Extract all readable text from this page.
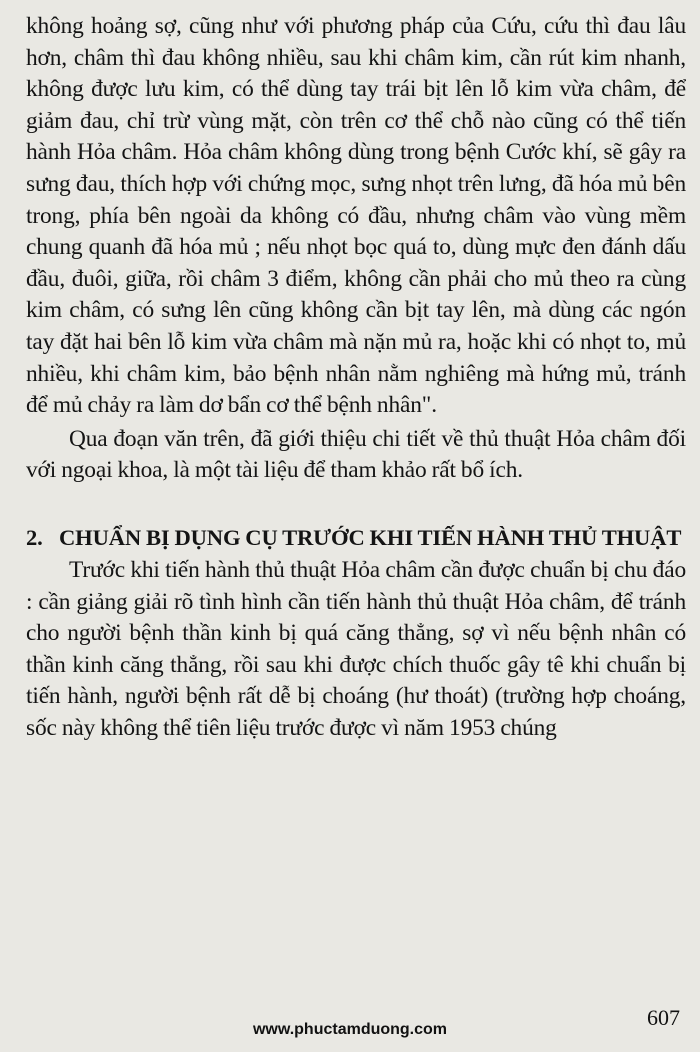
không hoảng sợ, cũng như với phương pháp của Cứu, cứu thì đau lâu hơn, châm thì đau không nhiều, sau khi châm kim, cần rút kim nhanh, không được lưu kim, có thể dùng tay trái bịt lên lỗ kim vừa châm, để giảm đau, chỉ trừ vùng mặt, còn trên cơ thể chỗ nào cũng có thể tiến hành Hỏa châm. Hỏa châm không dùng trong bệnh Cước khí, sẽ gây ra sưng đau, thích hợp với chứng mọc, sưng nhọt trên lưng, đã hóa mủ bên trong, phía bên ngoài da không có đầu, nhưng châm vào vùng mềm chung quanh đã hóa mủ ; nếu nhọt bọc quá to, dùng mực đen đánh dấu đầu, đuôi, giữa, rồi châm 3 điểm, không cần phải cho mủ theo ra cùng kim châm, có sưng lên cũng không cần bịt tay lên, mà dùng các ngón tay đặt hai bên lỗ kim vừa châm mà nặn mủ ra, hoặc khi có nhọt to, mủ nhiều, khi châm kim, bảo bệnh nhân nằm nghiêng mà hứng mủ, tránh để mủ chảy ra làm dơ bẩn cơ thể bệnh nhân".

Qua đoạn văn trên, đã giới thiệu chi tiết về thủ thuật Hỏa châm đối với ngoại khoa, là một tài liệu để tham khảo rất bổ ích.

2. CHUẨN BỊ DỤNG CỤ TRƯỚC KHI TIẾN HÀNH THỦ THUẬT

Trước khi tiến hành thủ thuật Hỏa châm cần được chuẩn bị chu đáo : cần giảng giải rõ tình hình cần tiến hành thủ thuật Hỏa châm, để tránh cho người bệnh thần kinh bị quá căng thẳng, sợ vì nếu bệnh nhân có thần kinh căng thẳng, rồi sau khi được chích thuốc gây tê khi chuẩn bị tiến hành, người bệnh rất dễ bị choáng (hư thoát) (trường hợp choáng, sốc này không thể tiên liệu trước được vì năm 1953 chúng

607
www.phuctamduong.com
